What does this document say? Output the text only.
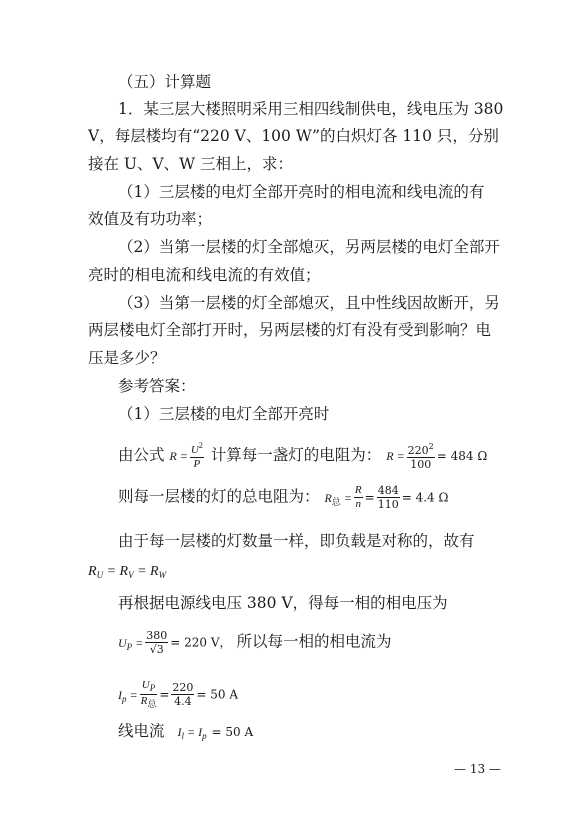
（五）计算题
1．某三层大楼照明采用三相四线制供电，线电压为 380
V，每层楼均有“220 V、100 W”的白炽灯各 110 只，分别
接在 U、V、W 三相上，求：
（1）三层楼的电灯全部开亮时的相电流和线电流的有
效值及有功功率；
（2）当第一层楼的灯全部熄灭，另两层楼的电灯全部开
亮时的相电流和线电流的有效值；
（3）当第一层楼的灯全部熄灭，且中性线因故断开，另
两层楼电灯全部打开时，另两层楼的灯有没有受到影响？电
压是多少？
参考答案：
（1）三层楼的电灯全部开亮时
由公式 $R = \frac{U^2}{P}$ 计算每一盏灯的电阻为： $R = \frac{220^2}{100} = 484$ Ω
则每一层楼的灯的总电阻为： $R_总 = \frac{R}{n} = \frac{484}{110} = 4.4$ Ω
由于每一层楼的灯数量一样，即负载是对称的，故有
$R_U = R_V = R_W$
再根据电源线电压 380 V，得每一相的相电压为
$U_P = \frac{380}{√3} = 220$ V， 所以每一相的相电流为
$I_p = \frac{U_P}{R_总} = \frac{220}{4.4} = 50$ A
线电流 $I_l = I_p = 50$ A
— 13 —
